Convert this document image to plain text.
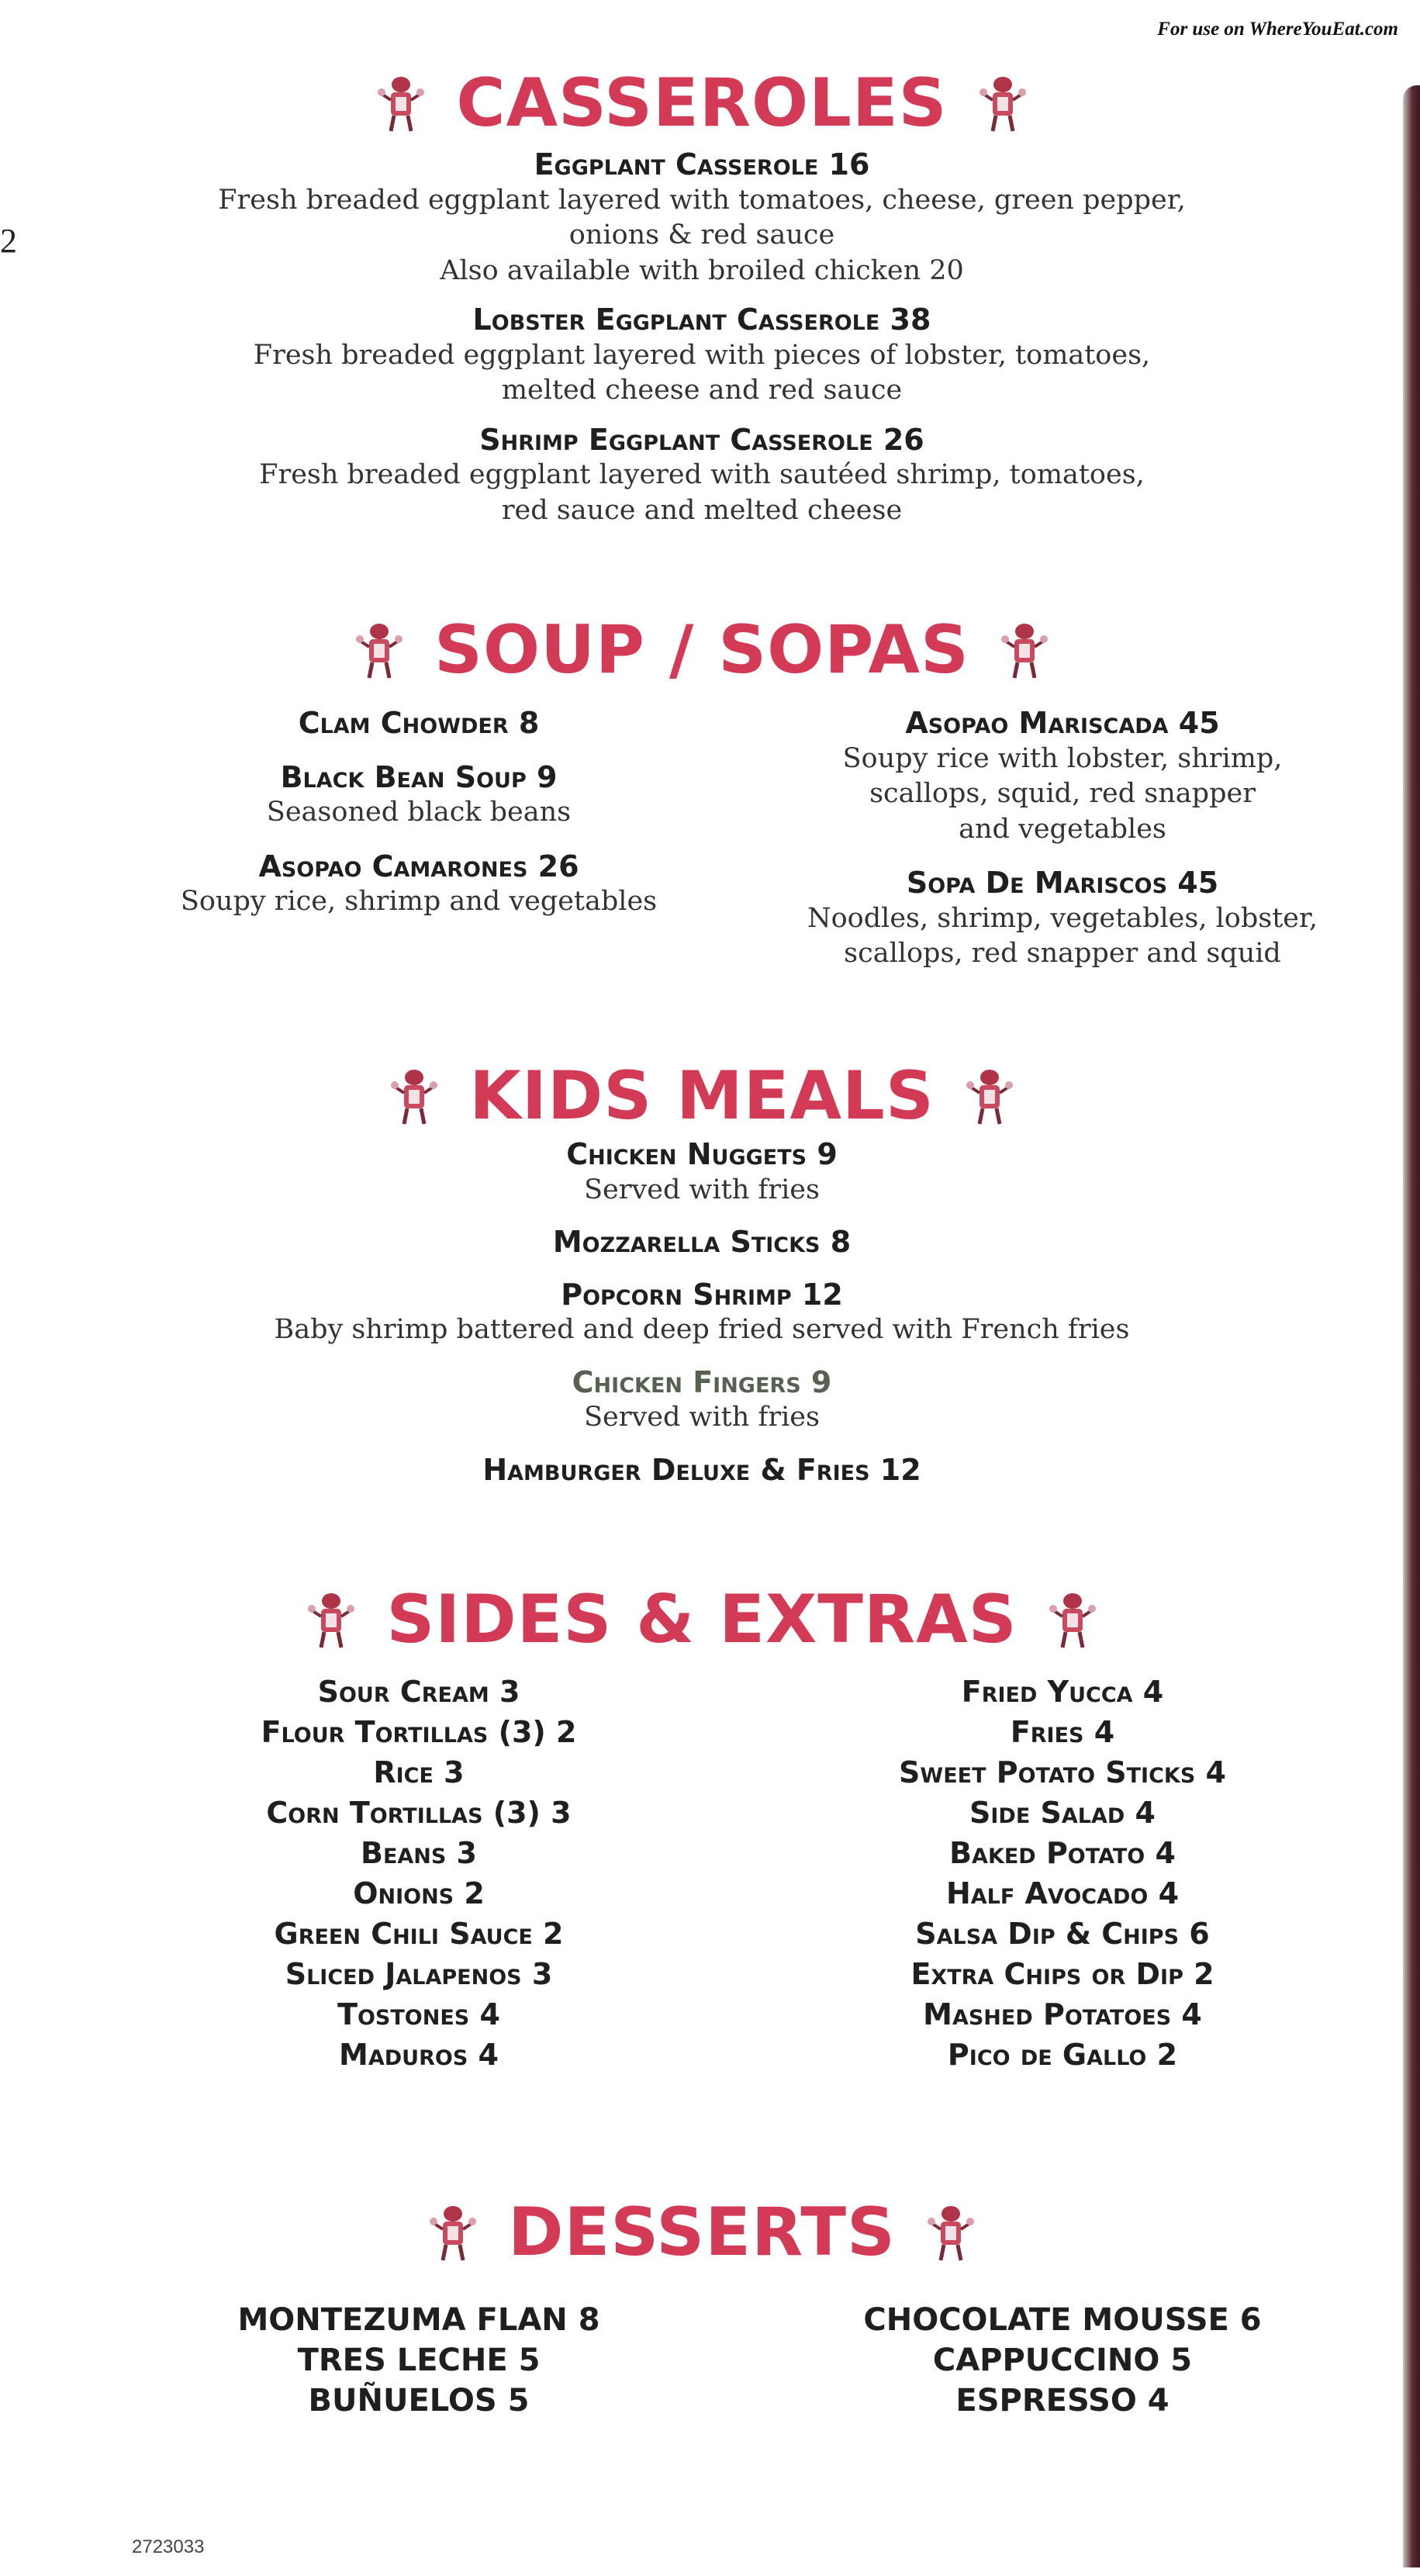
For use on WhereYouEat.com
2
CASSEROLES
Eggplant Casserole 16
Fresh breaded eggplant layered with tomatoes, cheese, green pepper,
onions & red sauce
Also available with broiled chicken 20
Lobster Eggplant Casserole 38
Fresh breaded eggplant layered with pieces of lobster, tomatoes,
melted cheese and red sauce
Shrimp Eggplant Casserole 26
Fresh breaded eggplant layered with sautéed shrimp, tomatoes,
red sauce and melted cheese
SOUP / SOPAS
Clam Chowder 8
Black Bean Soup 9
Seasoned black beans
Asopao Camarones 26
Soupy rice, shrimp and vegetables
Asopao Mariscada 45
Soupy rice with lobster, shrimp,
scallops, squid, red snapper
and vegetables
Sopa De Mariscos 45
Noodles, shrimp, vegetables, lobster,
scallops, red snapper and squid
KIDS MEALS
Chicken Nuggets 9
Served with fries
Mozzarella Sticks 8
Popcorn Shrimp 12
Baby shrimp battered and deep fried served with French fries
Chicken Fingers 9
Served with fries
Hamburger Deluxe & Fries 12
SIDES & EXTRAS
Sour Cream 3
Flour Tortillas (3) 2
Rice 3
Corn Tortillas (3) 3
Beans 3
Onions 2
Green Chili Sauce 2
Sliced Jalapenos 3
Tostones 4
Maduros 4
Fried Yucca 4
Fries 4
Sweet Potato Sticks 4
Side Salad 4
Baked Potato 4
Half Avocado 4
Salsa Dip & Chips 6
Extra Chips or Dip 2
Mashed Potatoes 4
Pico de Gallo 2
DESSERTS
MONTEZUMA FLAN 8
TRES LECHE 5
BUÑUELOS 5
CHOCOLATE MOUSSE 6
CAPPUCCINO 5
ESPRESSO 4
2723033
